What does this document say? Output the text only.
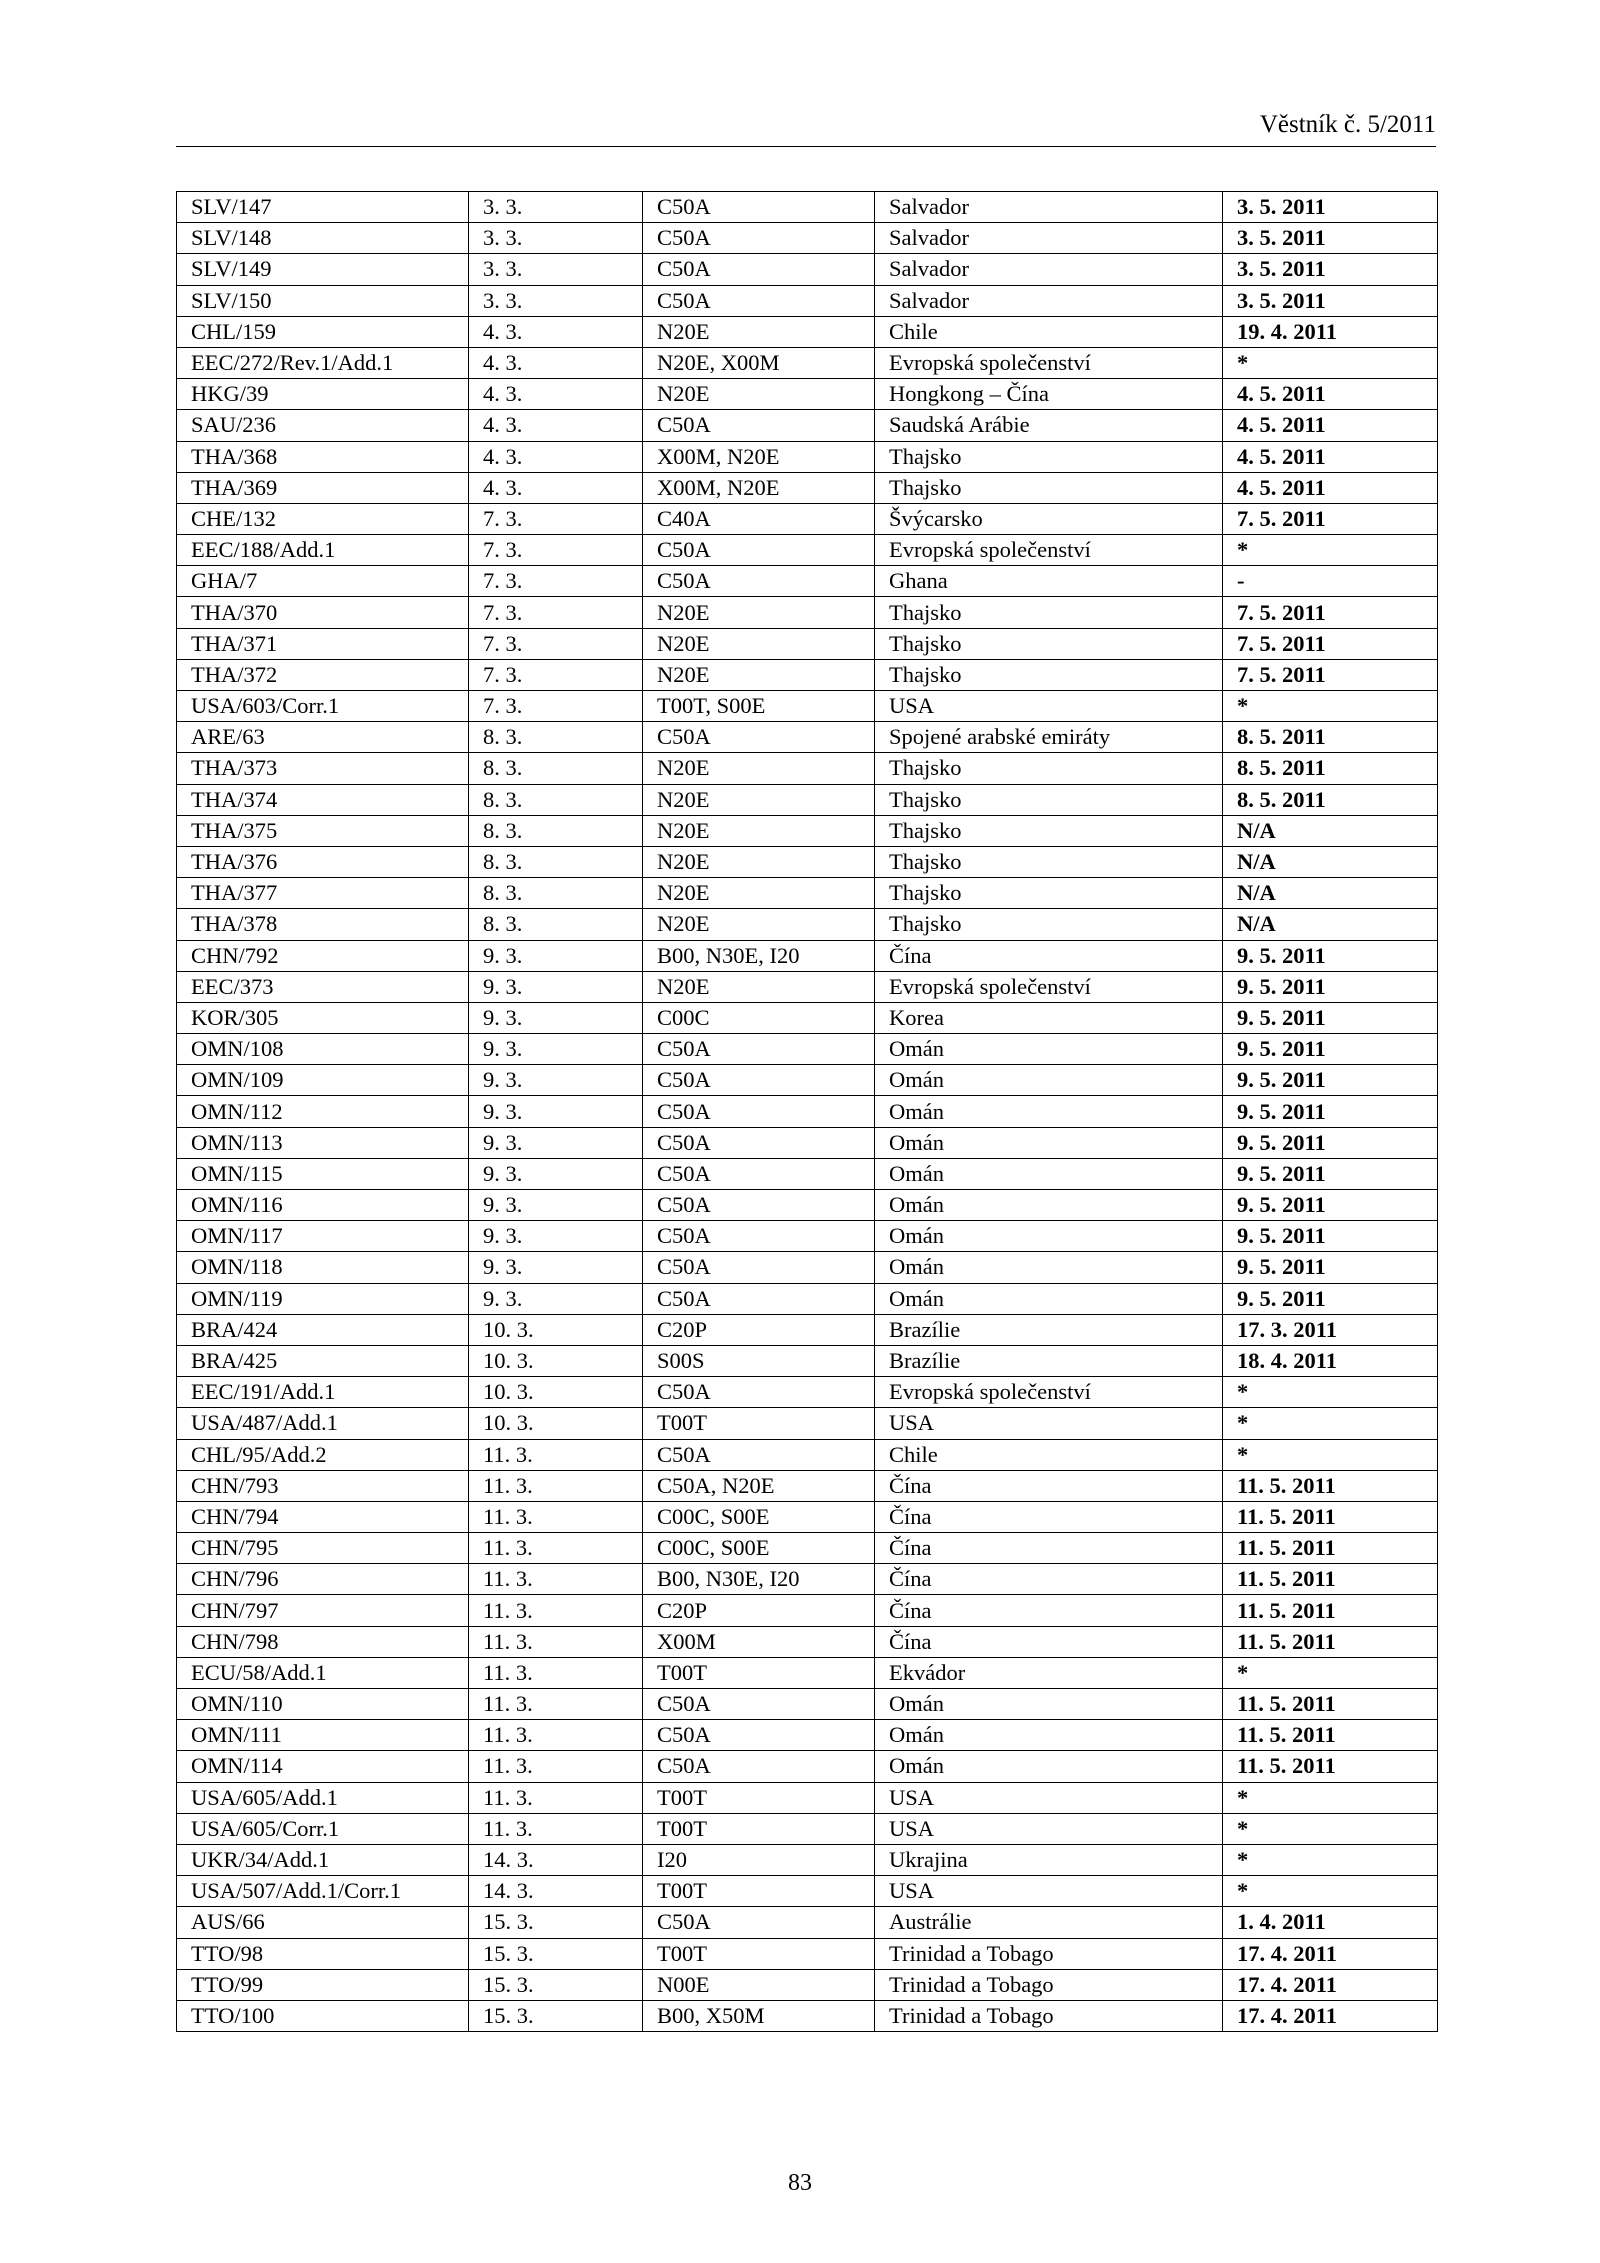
Věstník č. 5/2011
SLV/147	3. 3.	C50A	Salvador	3. 5. 2011
SLV/148	3. 3.	C50A	Salvador	3. 5. 2011
SLV/149	3. 3.	C50A	Salvador	3. 5. 2011
SLV/150	3. 3.	C50A	Salvador	3. 5. 2011
CHL/159	4. 3.	N20E	Chile	19. 4. 2011
EEC/272/Rev.1/Add.1	4. 3.	N20E, X00M	Evropská společenství	*
HKG/39	4. 3.	N20E	Hongkong – Čína	4. 5. 2011
SAU/236	4. 3.	C50A	Saudská Arábie	4. 5. 2011
THA/368	4. 3.	X00M, N20E	Thajsko	4. 5. 2011
THA/369	4. 3.	X00M, N20E	Thajsko	4. 5. 2011
CHE/132	7. 3.	C40A	Švýcarsko	7. 5. 2011
EEC/188/Add.1	7. 3.	C50A	Evropská společenství	*
GHA/7	7. 3.	C50A	Ghana	-
THA/370	7. 3.	N20E	Thajsko	7. 5. 2011
THA/371	7. 3.	N20E	Thajsko	7. 5. 2011
THA/372	7. 3.	N20E	Thajsko	7. 5. 2011
USA/603/Corr.1	7. 3.	T00T, S00E	USA	*
ARE/63	8. 3.	C50A	Spojené arabské emiráty	8. 5. 2011
THA/373	8. 3.	N20E	Thajsko	8. 5. 2011
THA/374	8. 3.	N20E	Thajsko	8. 5. 2011
THA/375	8. 3.	N20E	Thajsko	N/A
THA/376	8. 3.	N20E	Thajsko	N/A
THA/377	8. 3.	N20E	Thajsko	N/A
THA/378	8. 3.	N20E	Thajsko	N/A
CHN/792	9. 3.	B00, N30E, I20	Čína	9. 5. 2011
EEC/373	9. 3.	N20E	Evropská společenství	9. 5. 2011
KOR/305	9. 3.	C00C	Korea	9. 5. 2011
OMN/108	9. 3.	C50A	Omán	9. 5. 2011
OMN/109	9. 3.	C50A	Omán	9. 5. 2011
OMN/112	9. 3.	C50A	Omán	9. 5. 2011
OMN/113	9. 3.	C50A	Omán	9. 5. 2011
OMN/115	9. 3.	C50A	Omán	9. 5. 2011
OMN/116	9. 3.	C50A	Omán	9. 5. 2011
OMN/117	9. 3.	C50A	Omán	9. 5. 2011
OMN/118	9. 3.	C50A	Omán	9. 5. 2011
OMN/119	9. 3.	C50A	Omán	9. 5. 2011
BRA/424	10. 3.	C20P	Brazílie	17. 3. 2011
BRA/425	10. 3.	S00S	Brazílie	18. 4. 2011
EEC/191/Add.1	10. 3.	C50A	Evropská společenství	*
USA/487/Add.1	10. 3.	T00T	USA	*
CHL/95/Add.2	11. 3.	C50A	Chile	*
CHN/793	11. 3.	C50A, N20E	Čína	11. 5. 2011
CHN/794	11. 3.	C00C, S00E	Čína	11. 5. 2011
CHN/795	11. 3.	C00C, S00E	Čína	11. 5. 2011
CHN/796	11. 3.	B00, N30E, I20	Čína	11. 5. 2011
CHN/797	11. 3.	C20P	Čína	11. 5. 2011
CHN/798	11. 3.	X00M	Čína	11. 5. 2011
ECU/58/Add.1	11. 3.	T00T	Ekvádor	*
OMN/110	11. 3.	C50A	Omán	11. 5. 2011
OMN/111	11. 3.	C50A	Omán	11. 5. 2011
OMN/114	11. 3.	C50A	Omán	11. 5. 2011
USA/605/Add.1	11. 3.	T00T	USA	*
USA/605/Corr.1	11. 3.	T00T	USA	*
UKR/34/Add.1	14. 3.	I20	Ukrajina	*
USA/507/Add.1/Corr.1	14. 3.	T00T	USA	*
AUS/66	15. 3.	C50A	Austrálie	1. 4. 2011
TTO/98	15. 3.	T00T	Trinidad a Tobago	17. 4. 2011
TTO/99	15. 3.	N00E	Trinidad a Tobago	17. 4. 2011
TTO/100	15. 3.	B00, X50M	Trinidad a Tobago	17. 4. 2011
83
